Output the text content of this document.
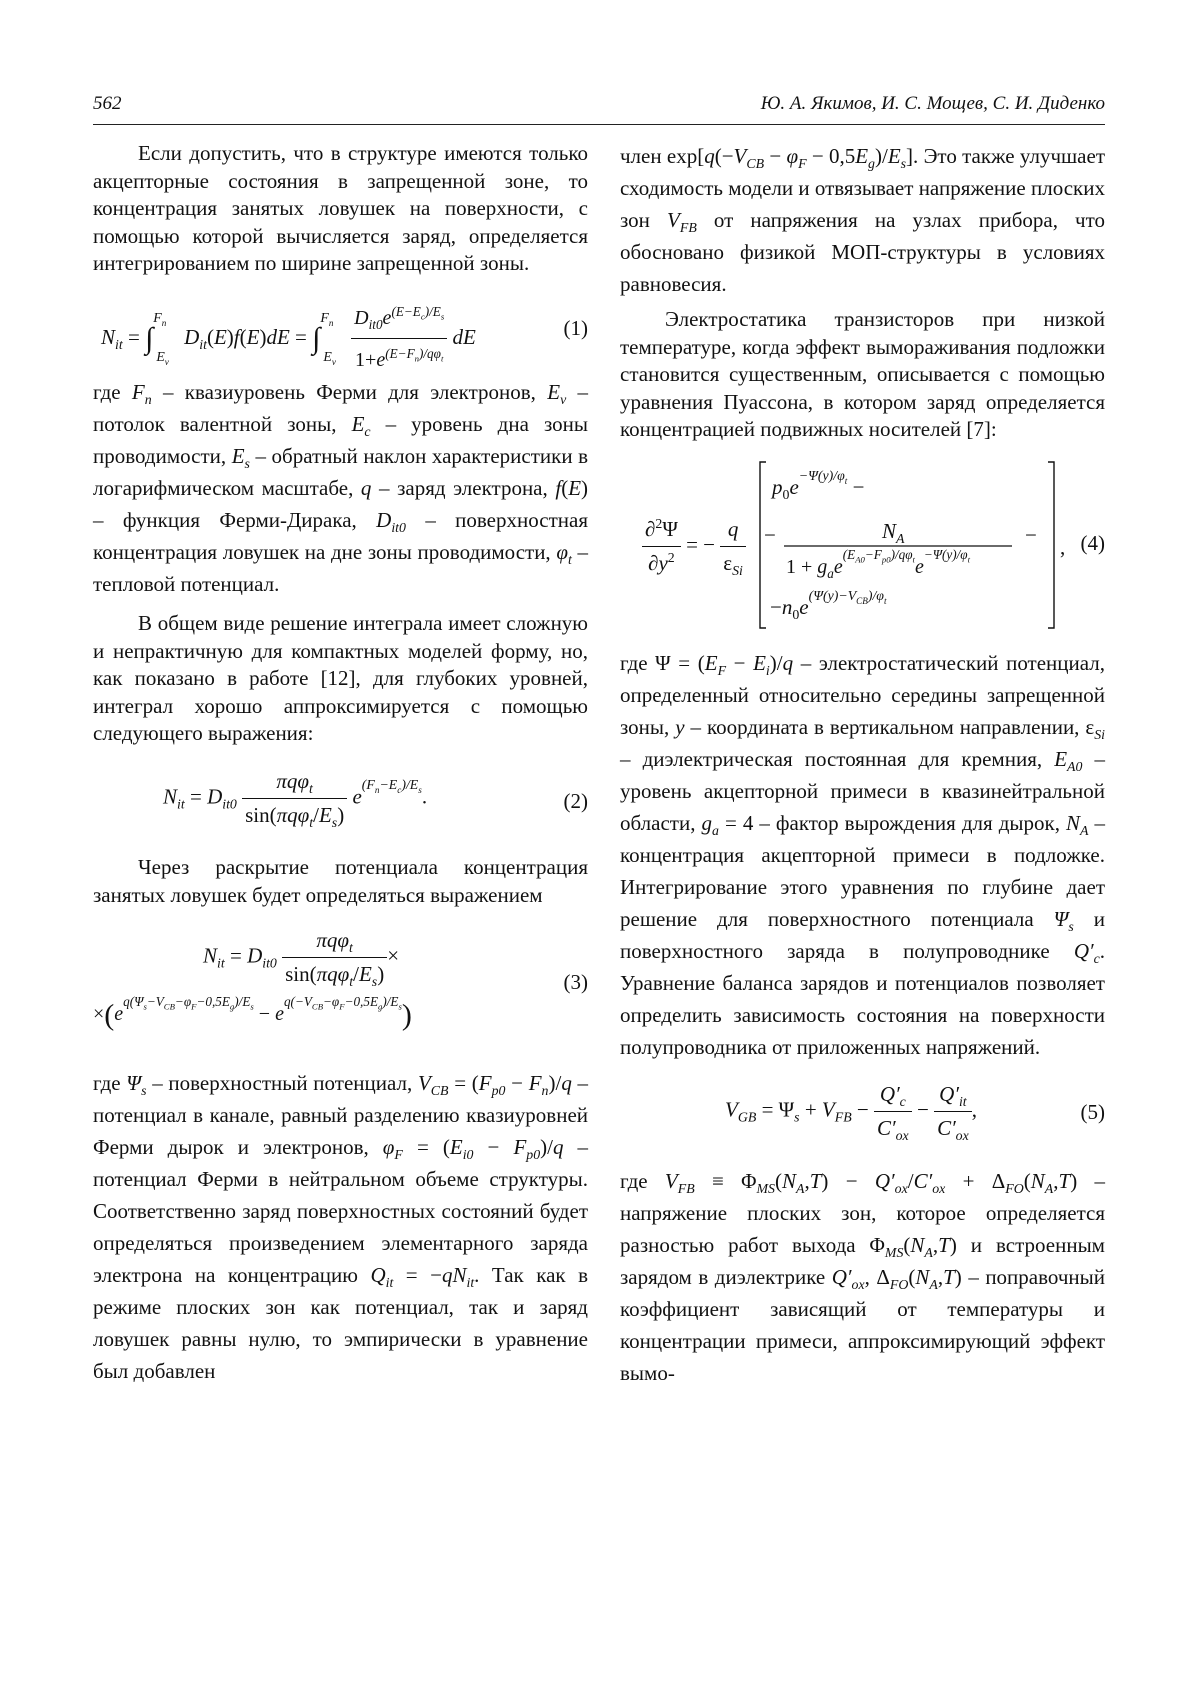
562	Ю. А. Якимов, И. С. Мощев, С. И. Диденко

Если допустить, что в структуре имеются только акцепторные состояния в запрещенной зоне, то концентрация занятых ловушек на поверхности, с помощью которой вычисляется заряд, определяется интегрированием по ширине запрещенной зоны.

Nit = ∫FnEv Dit(E)f(E)dE = ∫FnEv
Dit0e(E−Ec)/Es
1+e(E−Fn)/qφt
dE	(1)

где Fn – квазиуровень Ферми для электронов, Ev – потолок валентной зоны, Ec – уровень дна зоны проводимости, Es – обратный наклон характеристики в логарифмическом масштабе, q – заряд электрона, f(E) – функция Ферми-Дирака, Dit0 – поверхностная концентрация ловушек на дне зоны проводимости, φt – тепловой потенциал.

В общем виде решение интеграла имеет сложную и непрактичную для компактных моделей форму, но, как показано в работе [12], для глубоких уровней, интеграл хорошо аппроксимируется с помощью следующего выражения:

Nit = Dit0
πqφt
sin(πqφt/Es)
e(Fn−Ec)/Es.	(2)

Через раскрытие потенциала концентрация занятых ловушек будет определяться выражением

Nit = Dit0
πqφt
sin(πqφt/Es)
×
×(eq(Ψs−VCB−φF−0,5Eg)/Es − eq(−VCB−φF−0,5Eg)/Es)
(3)

где Ψs – поверхностный потенциал, VCB = (Fp0 − Fn)/q – потенциал в канале, равный разделению квазиуровней Ферми дырок и электронов, φF = (Ei0 − Fp0)/q – потенциал Ферми в нейтральном объеме структуры. Соответственно заряд поверхностных состояний будет определяться произведением элементарного заряда электрона на концентрацию Qit = −qNit. Так как в режиме плоских зон как потенциал, так и заряд ловушек равны нулю, то эмпирически в уравнение был добавлен

член exp[q(−VCB − φF − 0,5Eg)/Es]. Это также улучшает сходимость модели и отвязывает напряжение плоских зон VFB от напряжения на узлах прибора, что обосновано физикой МОП-структуры в условиях равновесия.

Электростатика транзисторов при низкой температуре, когда эффект вымораживания подложки становится существенным, описывается с помощью уравнения Пуассона, в котором заряд определяется концентрацией подвижных носителей [7]:

∂2Ψ
∂y2
= −
q
εSi
p0e−Ψ(y)/φt −
−	NA
1 + gae(EA0−Fp0)/qφte−Ψ(y)/φt
−
−n0e(Ψ(y)−VCB)/φt
, (4)

где Ψ = (EF − Ei)/q – электростатический потенциал, определенный относительно середины запрещенной зоны, y – координата в вертикальном направлении, εSi – диэлектрическая постоянная для кремния, EA0 – уровень акцепторной примеси в квазинейтральной области, ga = 4 – фактор вырождения для дырок, NA – концентрация акцепторной примеси в подложке. Интегрирование этого уравнения по глубине дает решение для поверхностного потенциала Ψs и поверхностного заряда в полупроводнике Q′c. Уравнение баланса зарядов и потенциалов позволяет определить зависимость состояния на поверхности полупроводника от приложенных напряжений.

VGB = Ψs + VFB −
Q′c
C′ox
−
Q′it
C′ox
,	(5)

где VFB ≡ ΦMS(NA,T) − Q′ox/C′ox + ΔFO(NA,T) – напряжение плоских зон, которое определяется разностью работ выхода ΦMS(NA,T) и встроенным зарядом в диэлектрике Q′ox, ΔFO(NA,T) – поправочный коэффициент зависящий от температуры и концентрации примеси, аппроксимирующий эффект вымо-
